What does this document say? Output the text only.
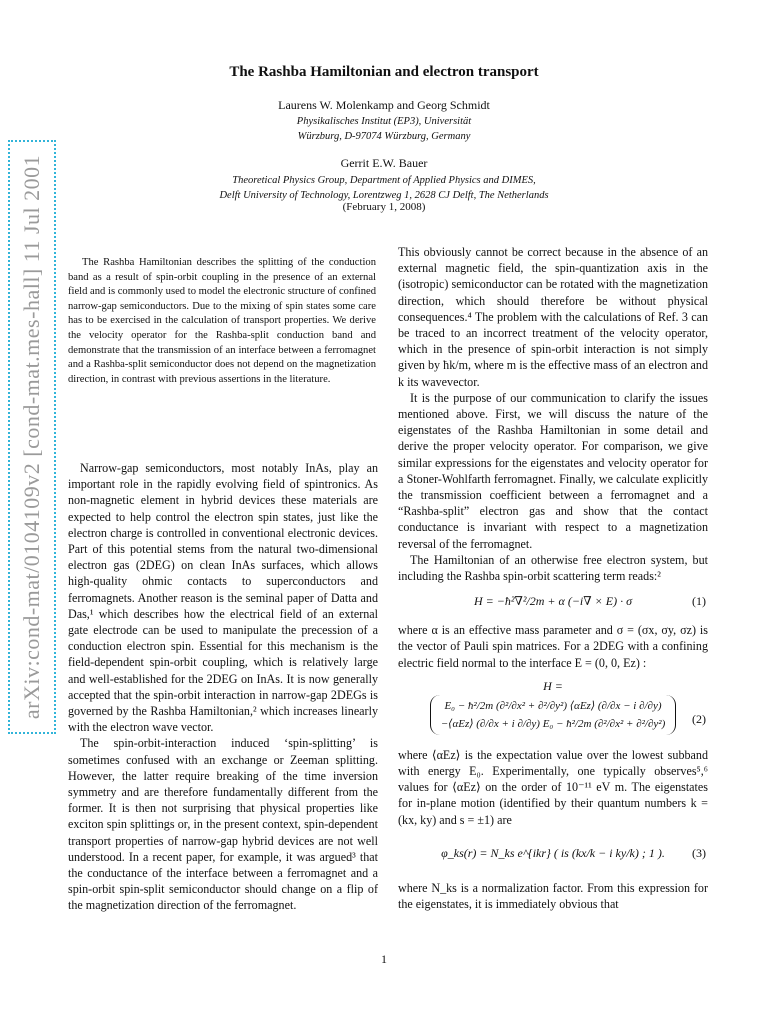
arXiv:cond-mat/0104109v2 [cond-mat.mes-hall] 11 Jul 2001
The Rashba Hamiltonian and electron transport
Laurens W. Molenkamp and Georg Schmidt
Physikalisches Institut (EP3), Universität
Würzburg, D-97074 Würzburg, Germany
Gerrit E.W. Bauer
Theoretical Physics Group, Department of Applied Physics and DIMES,
Delft University of Technology, Lorentzweg 1, 2628 CJ Delft, The Netherlands
(February 1, 2008)

The Rashba Hamiltonian describes the splitting of the conduction band as a result of spin-orbit coupling in the presence of an external field and is commonly used to model the electronic structure of confined narrow-gap semiconductors. Due to the mixing of spin states some care has to be exercised in the calculation of transport properties. We derive the velocity operator for the Rashba-split conduction band and demonstrate that the transmission of an interface between a ferromagnet and a Rashba-split semiconductor does not depend on the magnetization direction, in contrast with previous assertions in the literature.

Narrow-gap semiconductors, most notably InAs, play an important role in the rapidly evolving field of spintronics. As non-magnetic element in hybrid devices these materials are expected to help control the electron spin states, just like the electron charge is controlled in conventional electronic devices. Part of this potential stems from the natural two-dimensional electron gas (2DEG) on clean InAs surfaces, which allows high-quality ohmic contacts to superconductors and ferromagnets. Another reason is the seminal paper of Datta and Das,¹ which describes how the electrical field of an external gate electrode can be used to manipulate the precession of a conduction electron spin. Essential for this mechanism is the field-dependent spin-orbit coupling, which is relatively large and well-established for the 2DEG on InAs. It is now generally accepted that the spin-orbit interaction in narrow-gap 2DEGs is governed by the Rashba Hamiltonian,² which increases linearly with the electron wave vector.

The spin-orbit-interaction induced ‘spin-splitting’ is sometimes confused with an exchange or Zeeman splitting. However, the latter require breaking of the time inversion symmetry and are therefore fundamentally different from the former. It is then not surprising that physical properties like exciton spin splittings or, in the present context, spin-dependent transport properties of narrow-gap hybrid devices are not well understood. In a recent paper, for example, it was argued³ that the conductance of the interface between a ferromagnet and a spin-orbit spin-split semiconductor should change on a flip of the magnetization direction of the ferromagnet.

This obviously cannot be correct because in the absence of an external magnetic field, the spin-quantization axis in the (isotropic) semiconductor can be rotated with the magnetization direction, which should therefore be without physical consequences.⁴ The problem with the calculations of Ref. 3 can be traced to an incorrect treatment of the velocity operator, which in the presence of spin-orbit interaction is not simply given by ħk/m, where m is the effective mass of an electron and k its wavevector.

It is the purpose of our communication to clarify the issues mentioned above. First, we will discuss the nature of the eigenstates of the Rashba Hamiltonian in some detail and derive the proper velocity operator. For comparison, we give similar expressions for the eigenstates and velocity operator for a Stoner-Wohlfarth ferromagnet. Finally, we calculate explicitly the transmission coefficient between a ferromagnet and a “Rashba-split” electron gas and show that the contact conductance is invariant with respect to a magnetization reversal of the ferromagnet.

The Hamiltonian of an otherwise free electron system, but including the Rashba spin-orbit scattering term reads:²

H = −ħ²∇²/2m + α (−i∇ × E) · σ	(1)

where α is an effective mass parameter and σ = (σx, σy, σz) is the vector of Pauli spin matrices. For a 2DEG with a confining electric field normal to the interface E = (0, 0, Ez) :

H =
E₀ − ħ²/2m (∂²/∂x² + ∂²/∂y²) ⟨αEz⟩ (∂/∂x − i ∂/∂y)
−⟨αEz⟩ (∂/∂x + i ∂/∂y) E₀ − ħ²/2m (∂²/∂x² + ∂²/∂y²) (2)

where ⟨αEz⟩ is the expectation value over the lowest subband with energy E₀. Experimentally, one typically observes⁵,⁶ values for ⟨αEz⟩ on the order of 10⁻¹¹ eV m. The eigenstates for in-plane motion (identified by their quantum numbers k = (kx, ky) and s = ±1) are

φ_ks(r) = N_ks e^{ikr} ( is (kx/k − i ky/k) ; 1 ). (3)

where N_ks is a normalization factor. From this expression for the eigenstates, it is immediately obvious that

1
